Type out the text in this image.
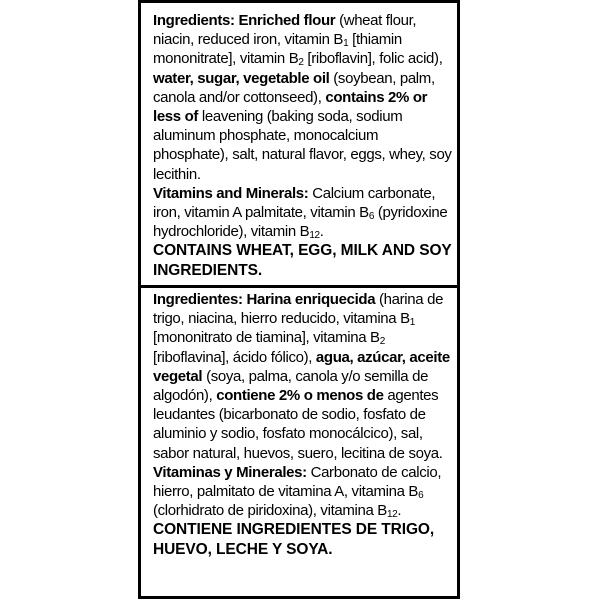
Ingredients: Enriched flour (wheat flour, niacin, reduced iron, vitamin $B_1$ [thiamin mononitrate], vitamin $B_2$ [riboflavin], folic acid), water, sugar, vegetable oil (soybean, palm, canola and/or cottonseed), contains 2% or less of leavening (baking soda, sodium aluminum phosphate, monocalcium phosphate), salt, natural flavor, eggs, whey, soy lecithin.

Vitamins and Minerals: Calcium carbonate, iron, vitamin A palmitate, vitamin $B_6$ (pyridoxine hydrochloride), vitamin $B_{12}$.

CONTAINS WHEAT, EGG, MILK AND SOY INGREDIENTS.

Ingredientes: Harina enriquecida (harina de trigo, niacina, hierro reducido, vitamina $B_1$ [mononitrato de tiamina], vitamina $B_2$ [riboflavina], ácido fólico), agua, azúcar, aceite vegetal (soya, palma, canola y/o semilla de algodón), contiene 2% o menos de agentes leudantes (bicarbonato de sodio, fosfato de aluminio y sodio, fosfato monocálcico), sal, sabor natural, huevos, suero, lecitina de soya.

Vitaminas y Minerales: Carbonato de calcio, hierro, palmitato de vitamina A, vitamina $B_6$ (clorhidrato de piridoxina), vitamina $B_{12}$.

CONTIENE INGREDIENTES DE TRIGO, HUEVO, LECHE Y SOYA.
